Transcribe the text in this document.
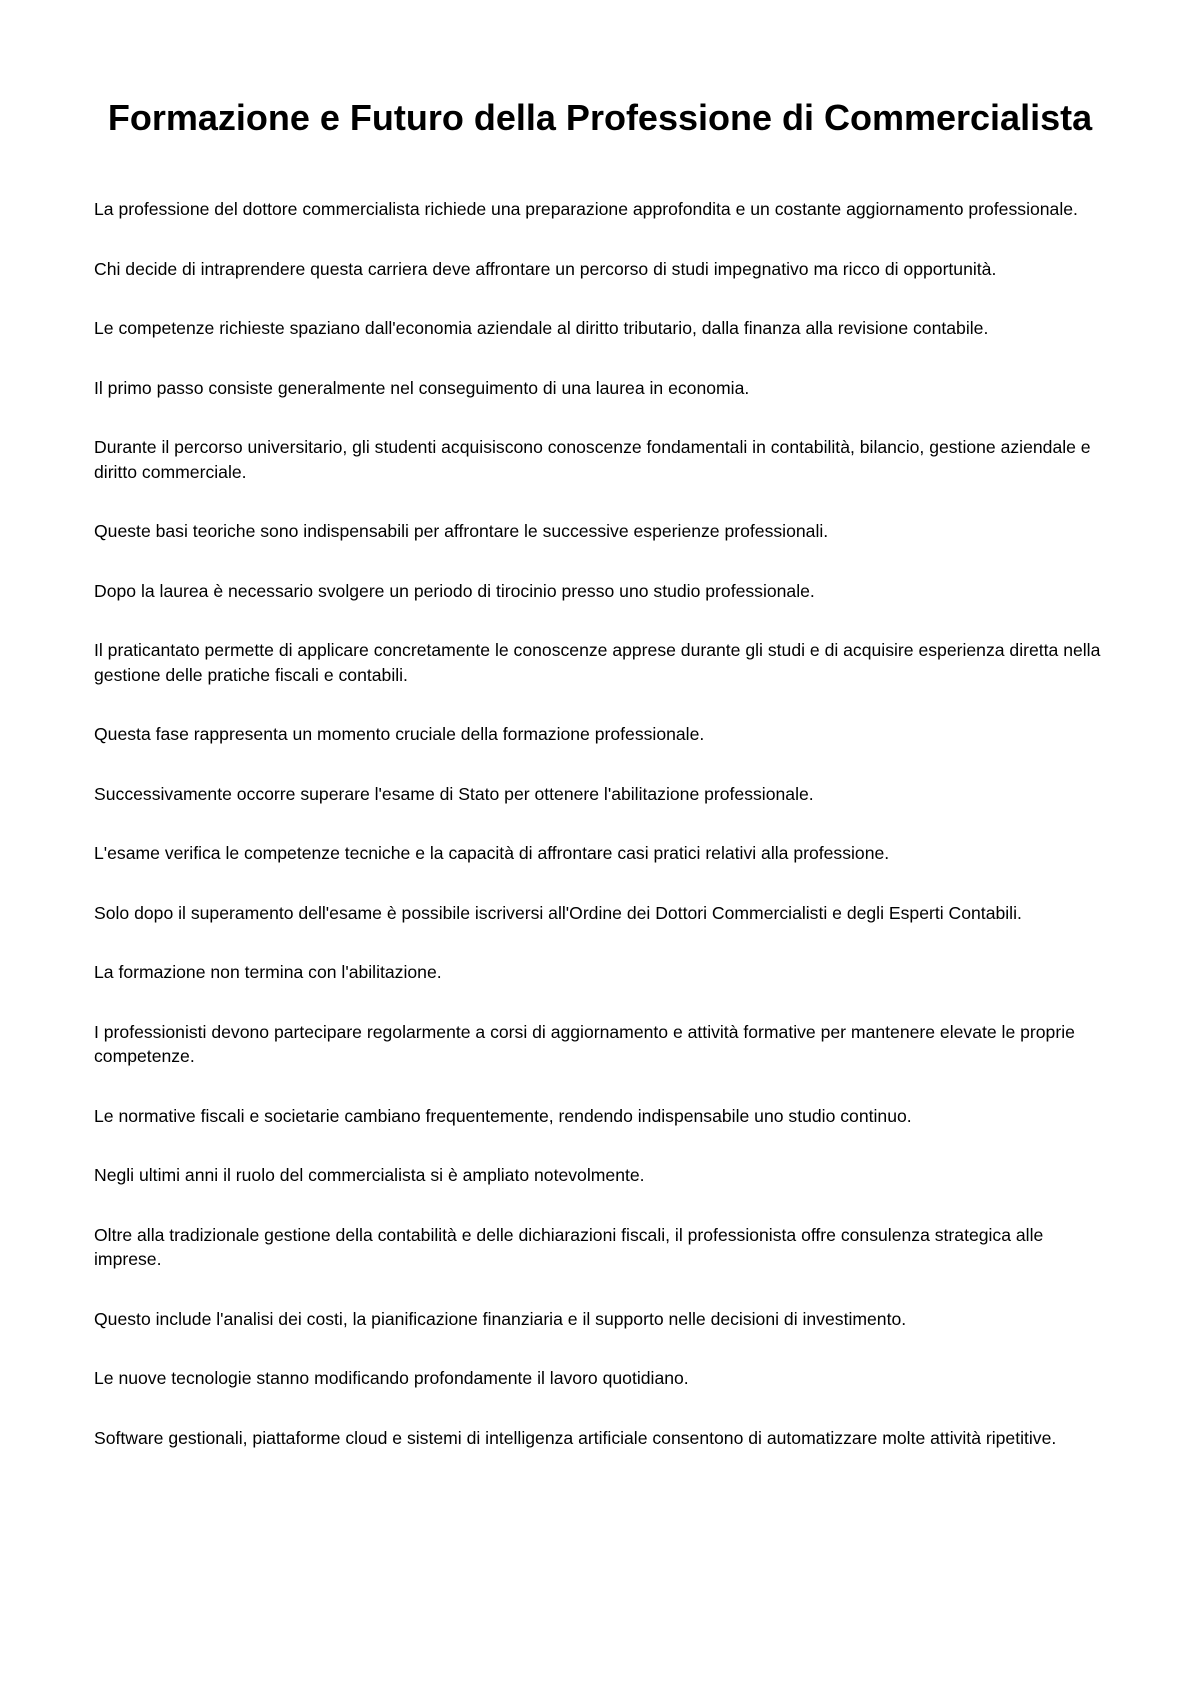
Formazione e Futuro della Professione di Commercialista

La professione del dottore commercialista richiede una preparazione approfondita e un costante aggiornamento professionale.

Chi decide di intraprendere questa carriera deve affrontare un percorso di studi impegnativo ma ricco di opportunità.

Le competenze richieste spaziano dall'economia aziendale al diritto tributario, dalla finanza alla revisione contabile.

Il primo passo consiste generalmente nel conseguimento di una laurea in economia.

Durante il percorso universitario, gli studenti acquisiscono conoscenze fondamentali in contabilità, bilancio, gestione aziendale e diritto commerciale.

Queste basi teoriche sono indispensabili per affrontare le successive esperienze professionali.

Dopo la laurea è necessario svolgere un periodo di tirocinio presso uno studio professionale.

Il praticantato permette di applicare concretamente le conoscenze apprese durante gli studi e di acquisire esperienza diretta nella gestione delle pratiche fiscali e contabili.

Questa fase rappresenta un momento cruciale della formazione professionale.

Successivamente occorre superare l'esame di Stato per ottenere l'abilitazione professionale.

L'esame verifica le competenze tecniche e la capacità di affrontare casi pratici relativi alla professione.

Solo dopo il superamento dell'esame è possibile iscriversi all'Ordine dei Dottori Commercialisti e degli Esperti Contabili.

La formazione non termina con l'abilitazione.

I professionisti devono partecipare regolarmente a corsi di aggiornamento e attività formative per mantenere elevate le proprie competenze.

Le normative fiscali e societarie cambiano frequentemente, rendendo indispensabile uno studio continuo.

Negli ultimi anni il ruolo del commercialista si è ampliato notevolmente.

Oltre alla tradizionale gestione della contabilità e delle dichiarazioni fiscali, il professionista offre consulenza strategica alle imprese.

Questo include l'analisi dei costi, la pianificazione finanziaria e il supporto nelle decisioni di investimento.

Le nuove tecnologie stanno modificando profondamente il lavoro quotidiano.

Software gestionali, piattaforme cloud e sistemi di intelligenza artificiale consentono di automatizzare molte attività ripetitive.
